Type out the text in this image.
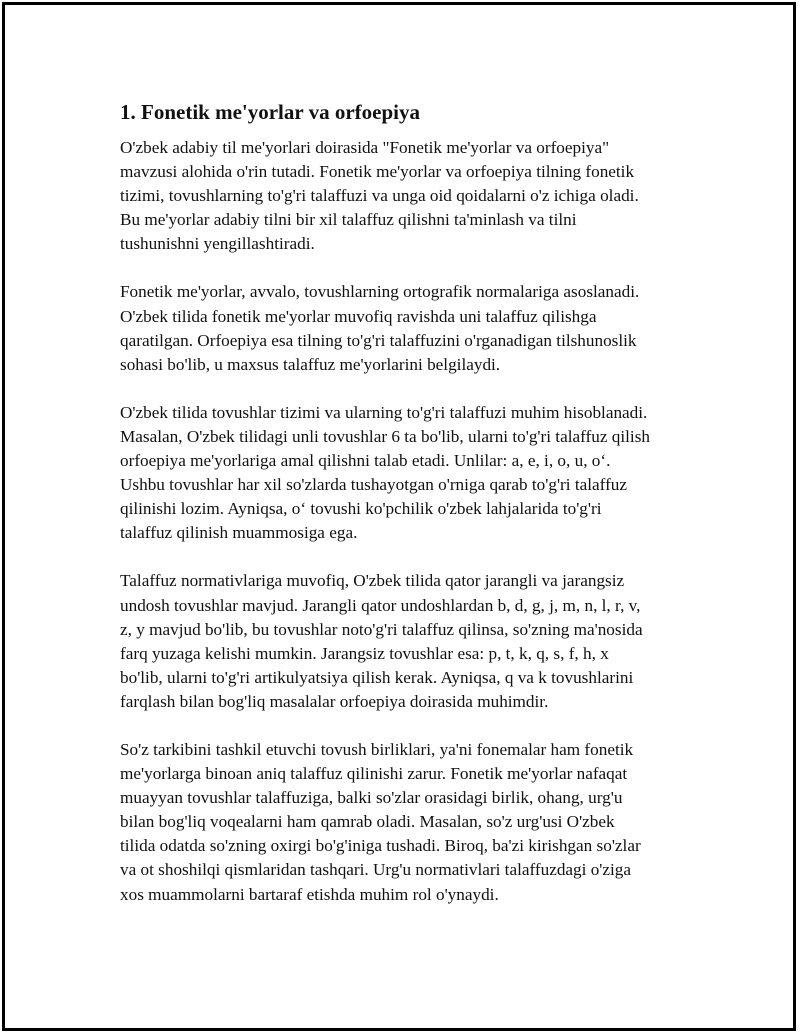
1. Fonetik me'yorlar va orfoepiya

O'zbek adabiy til me'yorlari doirasida "Fonetik me'yorlar va orfoepiya"
mavzusi alohida o'rin tutadi. Fonetik me'yorlar va orfoepiya tilning fonetik
tizimi, tovushlarning to'g'ri talaffuzi va unga oid qoidalarni o'z ichiga oladi.
Bu me'yorlar adabiy tilni bir xil talaffuz qilishni ta'minlash va tilni
tushunishni yengillashtiradi.

Fonetik me'yorlar, avvalo, tovushlarning ortografik normalariga asoslanadi.
O'zbek tilida fonetik me'yorlar muvofiq ravishda uni talaffuz qilishga
qaratilgan. Orfoepiya esa tilning to'g'ri talaffuzini o'rganadigan tilshunoslik
sohasi bo'lib, u maxsus talaffuz me'yorlarini belgilaydi.

O'zbek tilida tovushlar tizimi va ularning to'g'ri talaffuzi muhim hisoblanadi.
Masalan, O'zbek tilidagi unli tovushlar 6 ta bo'lib, ularni to'g'ri talaffuz qilish
orfoepiya me'yorlariga amal qilishni talab etadi. Unlilar: a, e, i, o, u, o‘.
Ushbu tovushlar har xil so'zlarda tushayotgan o'rniga qarab to'g'ri talaffuz
qilinishi lozim. Ayniqsa, o‘ tovushi ko'pchilik o'zbek lahjalarida to'g'ri
talaffuz qilinish muammosiga ega.

Talaffuz normativlariga muvofiq, O'zbek tilida qator jarangli va jarangsiz
undosh tovushlar mavjud. Jarangli qator undoshlardan b, d, g, j, m, n, l, r, v,
z, y mavjud bo'lib, bu tovushlar noto'g'ri talaffuz qilinsa, so'zning ma'nosida
farq yuzaga kelishi mumkin. Jarangsiz tovushlar esa: p, t, k, q, s, f, h, x
bo'lib, ularni to'g'ri artikulyatsiya qilish kerak. Ayniqsa, q va k tovushlarini
farqlash bilan bog'liq masalalar orfoepiya doirasida muhimdir.

So'z tarkibini tashkil etuvchi tovush birliklari, ya'ni fonemalar ham fonetik
me'yorlarga binoan aniq talaffuz qilinishi zarur. Fonetik me'yorlar nafaqat
muayyan tovushlar talaffuziga, balki so'zlar orasidagi birlik, ohang, urg'u
bilan bog'liq voqealarni ham qamrab oladi. Masalan, so'z urg'usi O'zbek
tilida odatda so'zning oxirgi bo'g'iniga tushadi. Biroq, ba'zi kirishgan so'zlar
va ot shoshilqi qismlaridan tashqari. Urg'u normativlari talaffuzdagi o'ziga
xos muammolarni bartaraf etishda muhim rol o'ynaydi.
